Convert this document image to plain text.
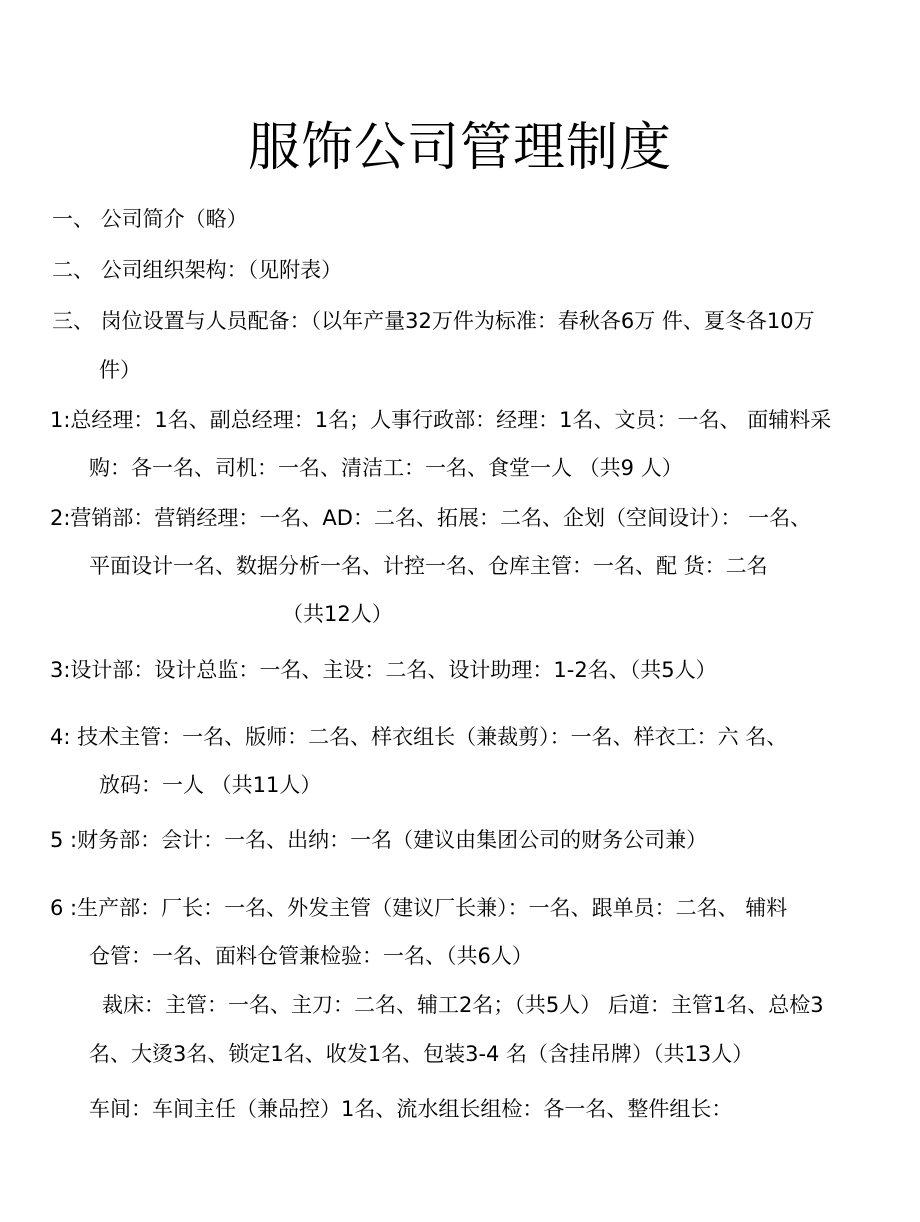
服饰公司管理制度
一、 公司简介（略）
二、 公司组织架构：（见附表）
三、 岗位设置与人员配备：（以年产量32万件为标准：春秋各6万 件、夏冬各10万
件）
1:总经理：1名、副总经理：1名；人事行政部：经理：1名、文员：一名、 面辅料采
购：各一名、司机：一名、清洁工：一名、食堂一人 （共9 人）
2:营销部：营销经理：一名、AD：二名、拓展：二名、企划（空间设计）： 一名、
平面设计一名、数据分析一名、计控一名、仓库主管：一名、配 货：二名
（共12人）
3:设计部：设计总监：一名、主设：二名、设计助理：1-2名、（共5人）
4: 技术主管：一名、版师：二名、样衣组长（兼裁剪）：一名、样衣工：六 名、
放码：一人 （共11人）
5 :财务部：会计：一名、出纳：一名（建议由集团公司的财务公司兼）
6 :生产部：厂长：一名、外发主管（建议厂长兼）：一名、跟单员：二名、 辅料
仓管：一名、面料仓管兼检验：一名、（共6人）
裁床：主管：一名、主刀：二名、辅工2名；（共5人） 后道：主管1名、总检3
名、大烫3名、锁定1名、收发1名、包装3-4 名（含挂吊牌）（共13人）
车间：车间主任（兼品控）1名、流水组长组检：各一名、整件组长：
